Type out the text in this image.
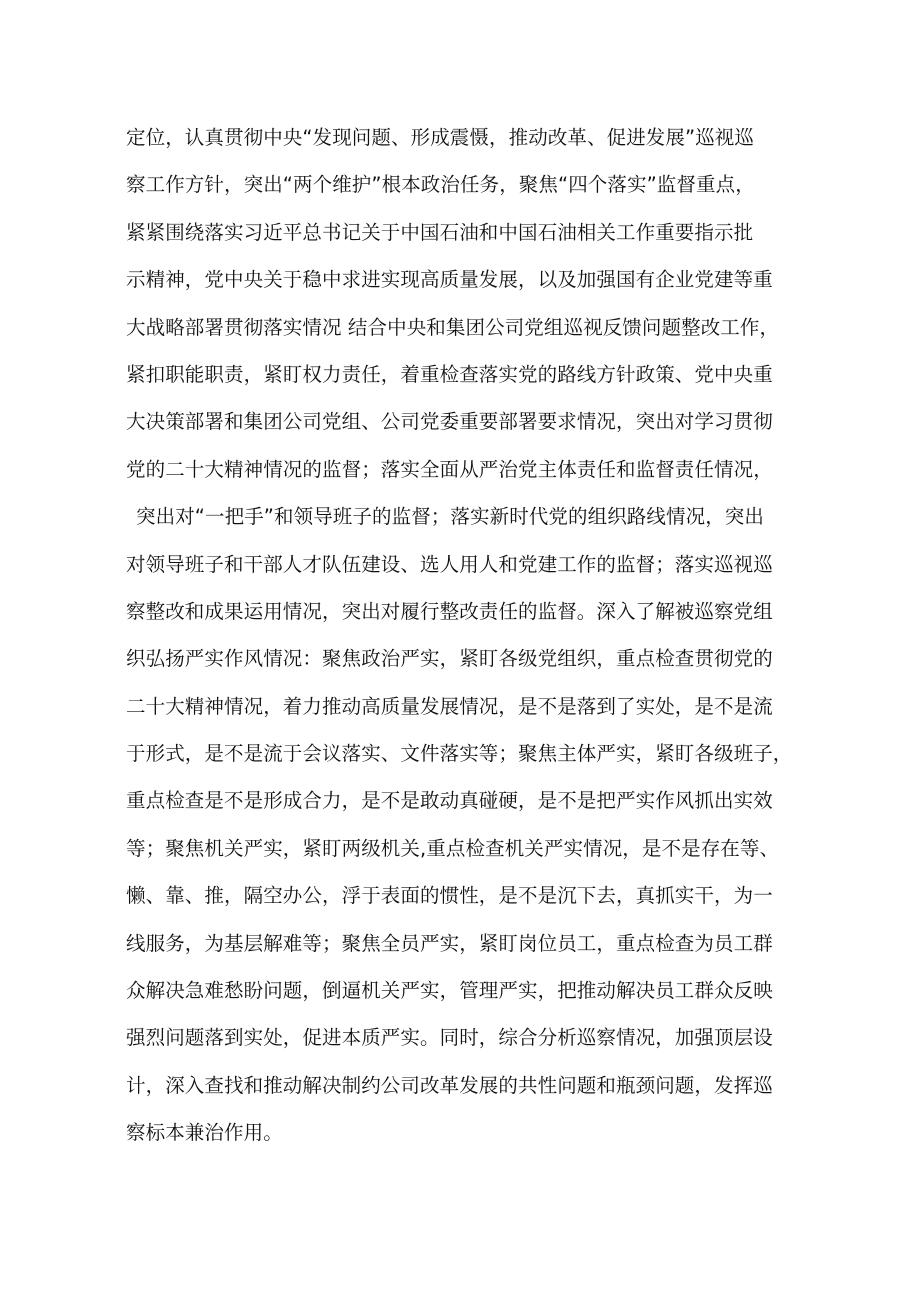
定位，认真贯彻中央“发现问题、形成震慑，推动改革、促进发展”巡视巡
察工作方针，突出“两个维护”根本政治任务，聚焦“四个落实”监督重点，
紧紧围绕落实习近平总书记关于中国石油和中国石油相关工作重要指示批
示精神，党中央关于稳中求进实现高质量发展，以及加强国有企业党建等重
大战略部署贯彻落实情况 结合中央和集团公司党组巡视反馈问题整改工作，
紧扣职能职责，紧盯权力责任，着重检查落实党的路线方针政策、党中央重
大决策部署和集团公司党组、公司党委重要部署要求情况，突出对学习贯彻
党的二十大精神情况的监督；落实全面从严治党主体责任和监督责任情况，
突出对“一把手”和领导班子的监督；落实新时代党的组织路线情况，突出
对领导班子和干部人才队伍建设、选人用人和党建工作的监督；落实巡视巡
察整改和成果运用情况，突出对履行整改责任的监督。深入了解被巡察党组
织弘扬严实作风情况：聚焦政治严实，紧盯各级党组织，重点检查贯彻党的
二十大精神情况，着力推动高质量发展情况，是不是落到了实处，是不是流
于形式，是不是流于会议落实、文件落实等；聚焦主体严实，紧盯各级班子，
重点检查是不是形成合力，是不是敢动真碰硬，是不是把严实作风抓出实效
等；聚焦机关严实，紧盯两级机关,重点检查机关严实情况，是不是存在等、
懒、靠、推，隔空办公，浮于表面的惯性，是不是沉下去，真抓实干，为一
线服务，为基层解难等；聚焦全员严实，紧盯岗位员工，重点检查为员工群
众解决急难愁盼问题，倒逼机关严实，管理严实，把推动解决员工群众反映
强烈问题落到实处，促进本质严实。同时，综合分析巡察情况，加强顶层设
计，深入查找和推动解决制约公司改革发展的共性问题和瓶颈问题，发挥巡
察标本兼治作用。
